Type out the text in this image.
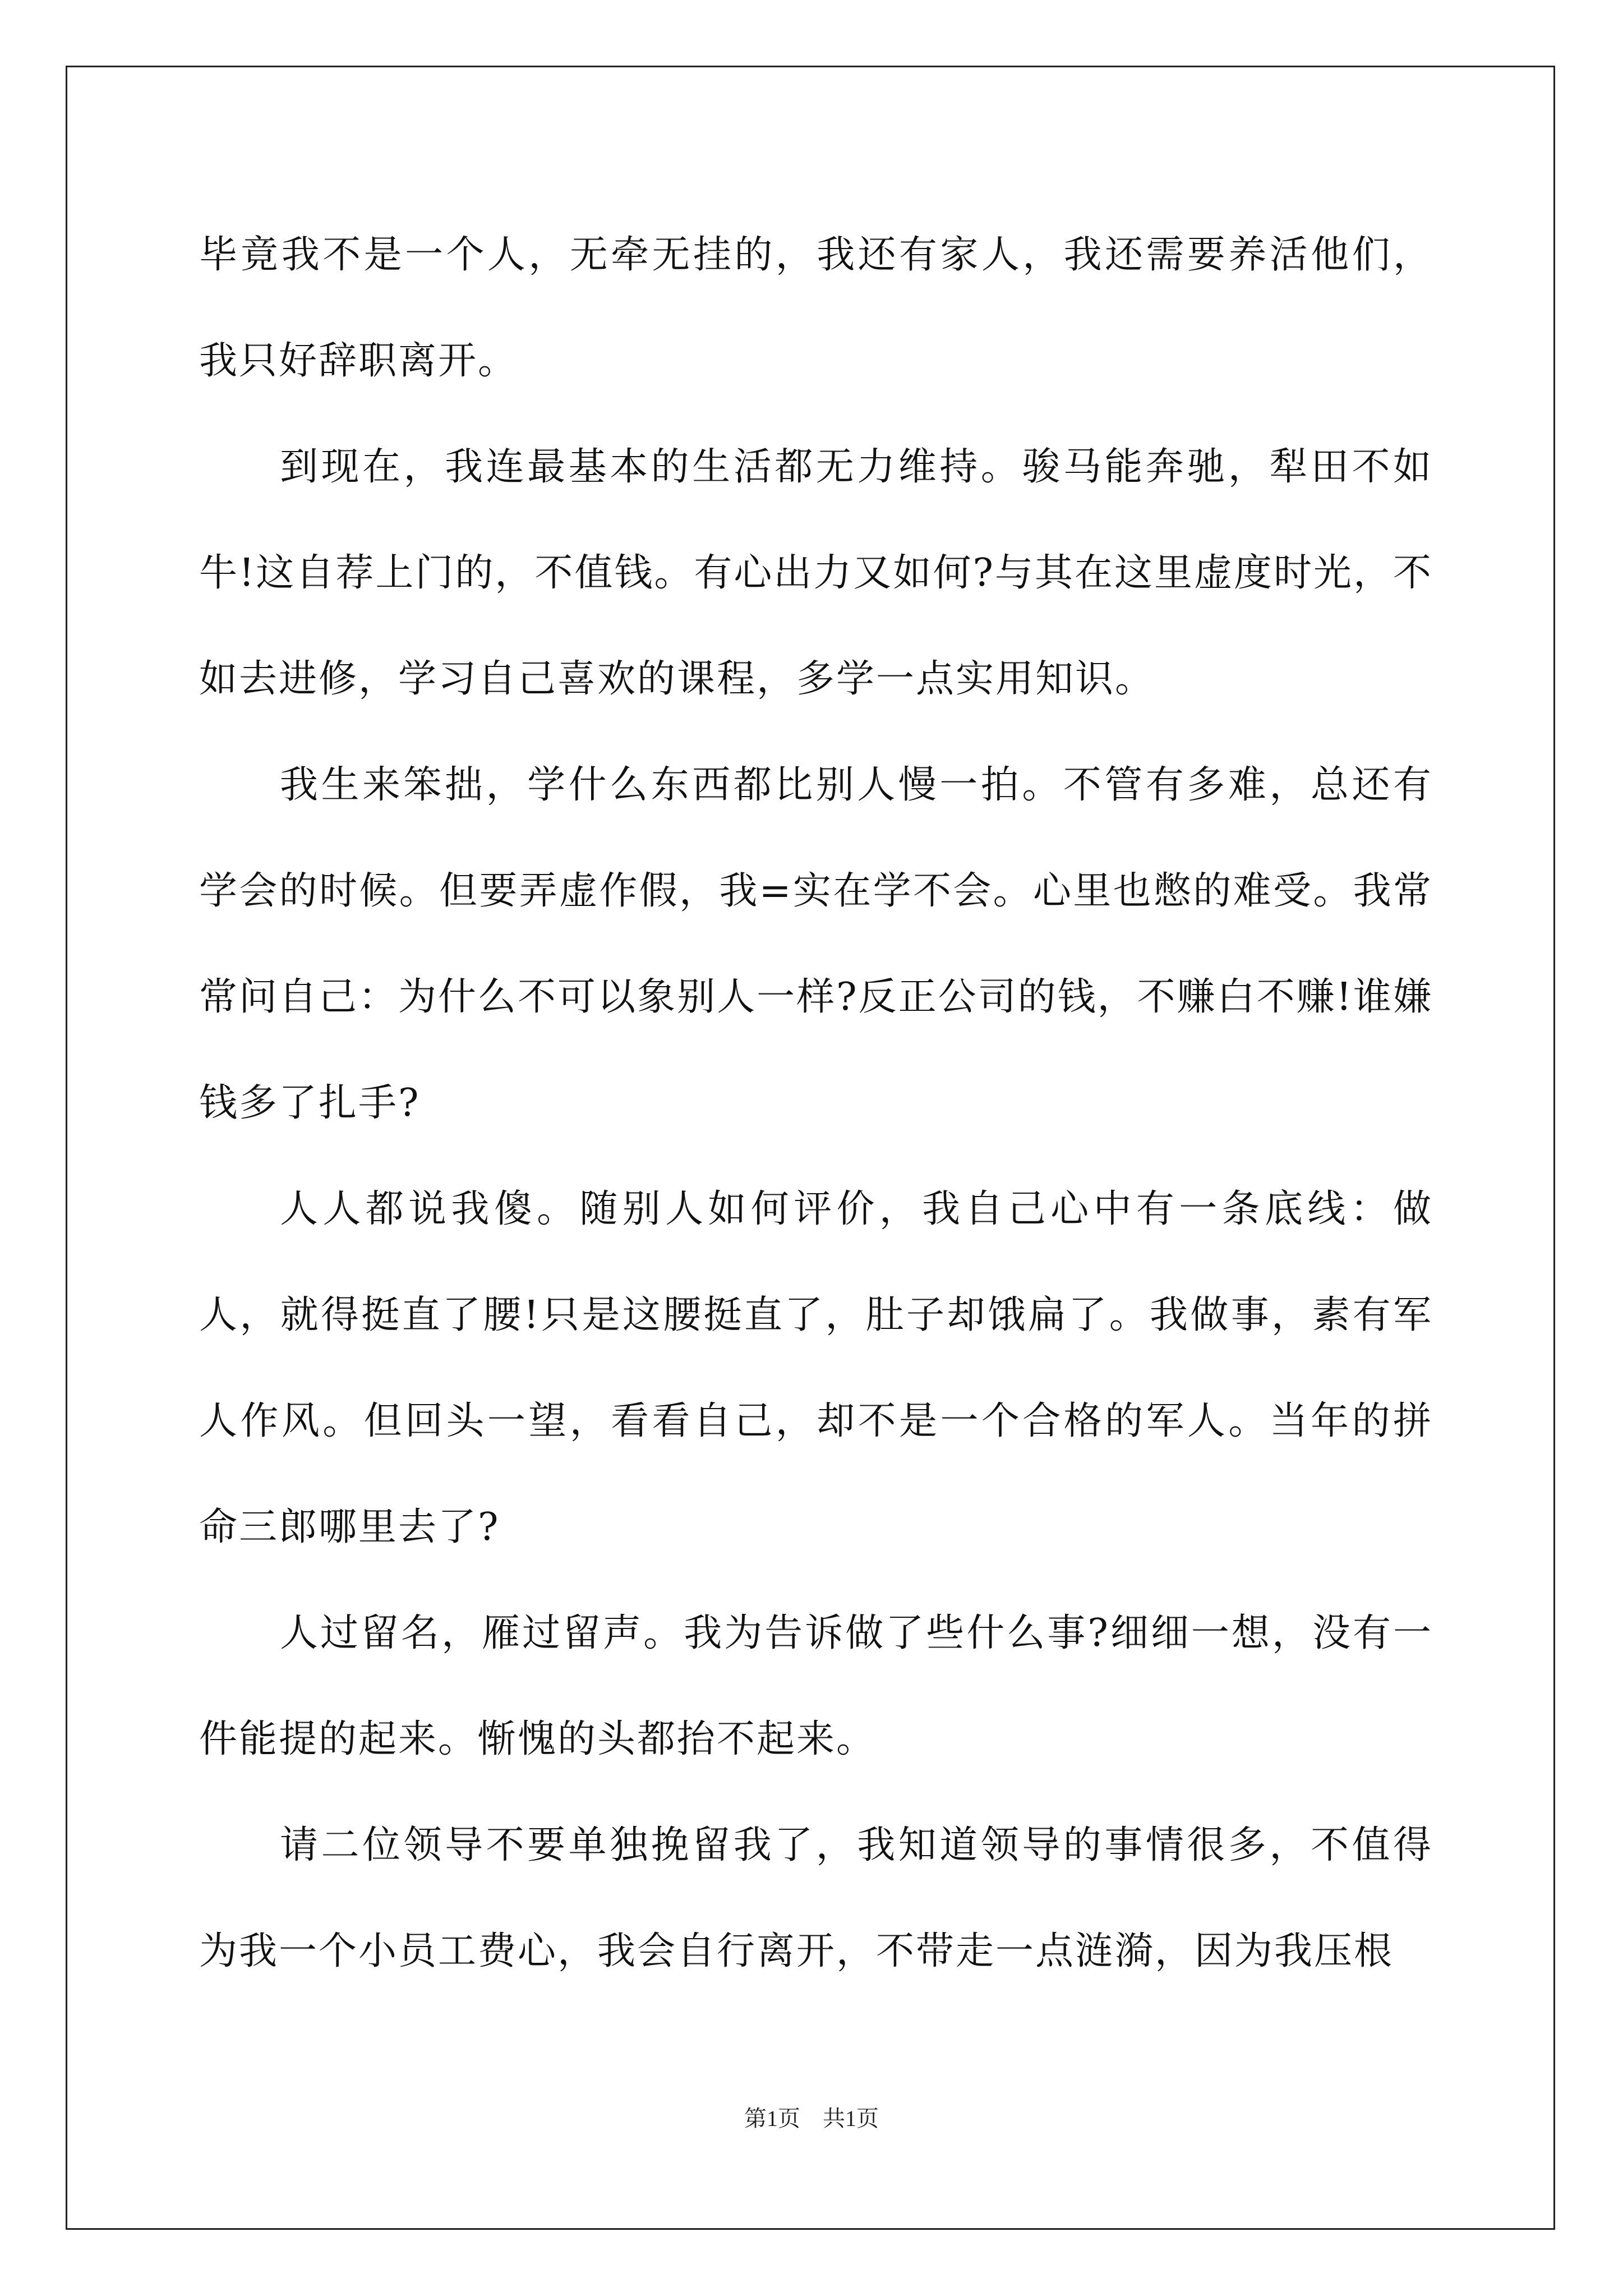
毕竟我不是一个人，无牵无挂的，我还有家人，我还需要养活他们，我只好辞职离开。

到现在，我连最基本的生活都无力维持。骏马能奔驰，犁田不如牛!这自荐上门的，不值钱。有心出力又如何?与其在这里虚度时光，不如去进修，学习自己喜欢的课程，多学一点实用知识。

我生来笨拙，学什么东西都比别人慢一拍。不管有多难，总还有学会的时候。但要弄虚作假，我=实在学不会。心里也憋的难受。我常常问自己：为什么不可以象别人一样?反正公司的钱，不赚白不赚!谁嫌钱多了扎手?

人人都说我傻。随别人如何评价，我自己心中有一条底线：做人，就得挺直了腰!只是这腰挺直了，肚子却饿扁了。我做事，素有军人作风。但回头一望，看看自己，却不是一个合格的军人。当年的拼命三郎哪里去了?

人过留名，雁过留声。我为告诉做了些什么事?细细一想，没有一件能提的起来。惭愧的头都抬不起来。

请二位领导不要单独挽留我了，我知道领导的事情很多，不值得为我一个小员工费心，我会自行离开，不带走一点涟漪，因为我压根

第1页　共1页
